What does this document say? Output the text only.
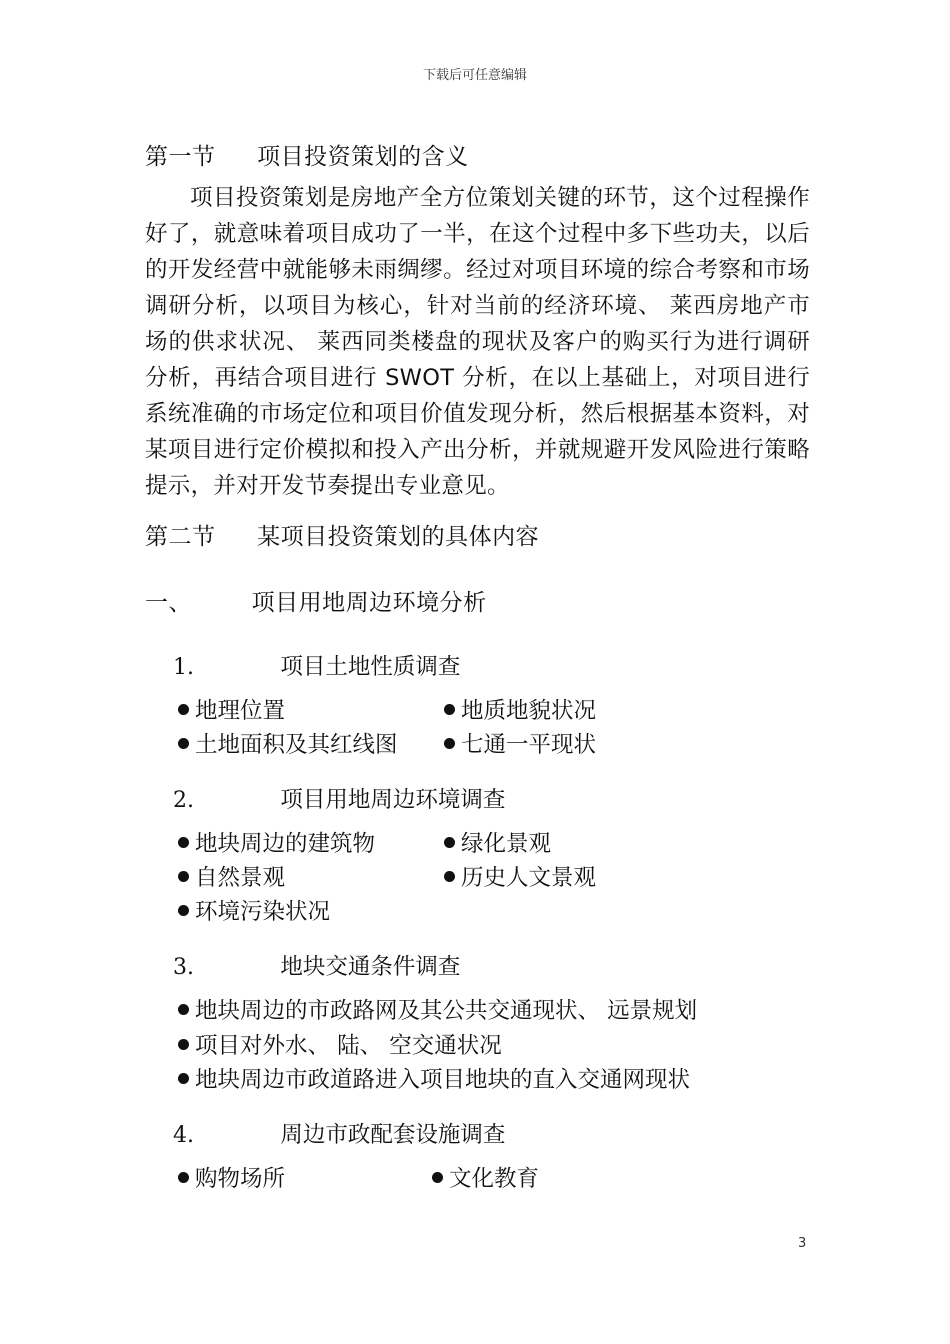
下载后可任意编辑
第一节 项目投资策划的含义
项目投资策划是房地产全方位策划关键的环节，这个过程操作好了，就意味着项目成功了一半，在这个过程中多下些功夫，以后的开发经营中就能够未雨绸缪。经过对项目环境的综合考察和市场调研分析，以项目为核心，针对当前的经济环境、 莱西房地产市场的供求状况、 莱西同类楼盘的现状及客户的购买行为进行调研分析，再结合项目进行 SWOT 分析，在以上基础上，对项目进行系统准确的市场定位和项目价值发现分析，然后根据基本资料，对某项目进行定价模拟和投入产出分析，并就规避开发风险进行策略提示，并对开发节奏提出专业意见。
第二节 某项目投资策划的具体内容
一、	项目用地周边环境分析
1.	项目土地性质调查
地理位置	地质地貌状况
土地面积及其红线图	七通一平现状
2.	项目用地周边环境调查
地块周边的建筑物	绿化景观
自然景观	历史人文景观
环境污染状况
3.	地块交通条件调查
地块周边的市政路网及其公共交通现状、 远景规划
项目对外水、 陆、 空交通状况
地块周边市政道路进入项目地块的直入交通网现状
4.	周边市政配套设施调查
购物场所	文化教育
3
